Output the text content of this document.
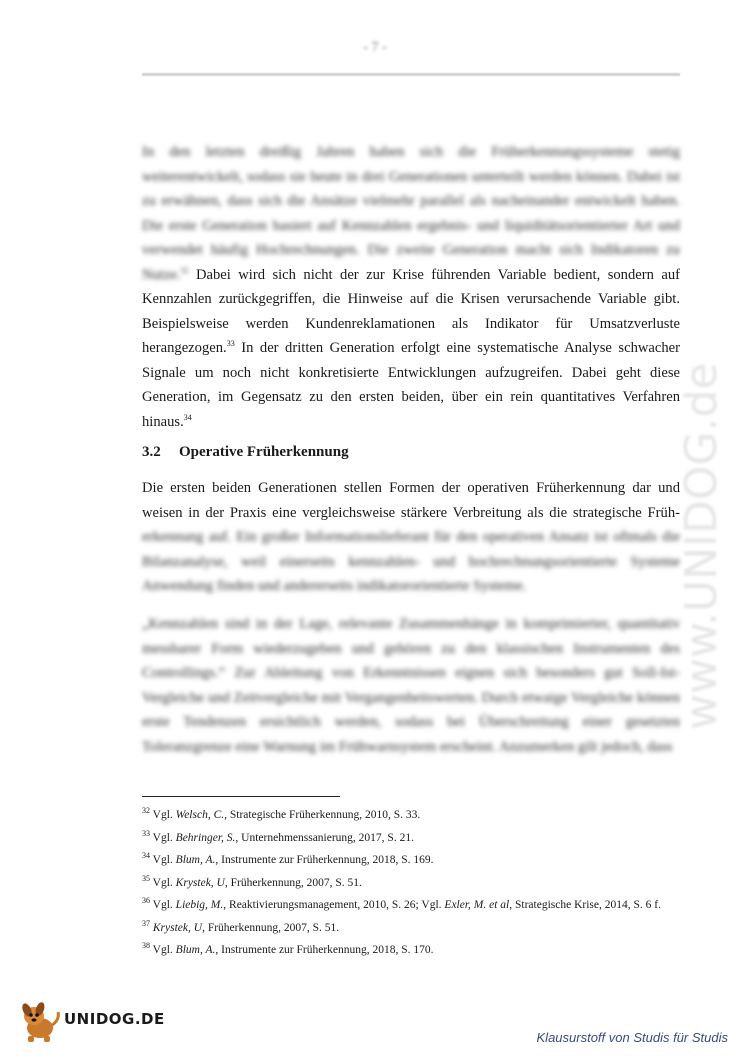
- 7 -

In den letzten dreißig Jahren haben sich die Früherkennungssysteme stetig weiterentwickelt, sodass sie heute in drei Generationen unterteilt werden können. Dabei ist zu erwähnen, dass sich die Ansätze vielmehr parallel als nacheinander entwickelt haben. Die erste Generation basiert auf Kennzahlen ergebnis- und liquiditätsorientierter Art und verwendet häufig Hochrechnungen. Die zweite Generation macht sich Indikatoren zu Nutze.$^{32}$ Dabei wird sich nicht der zur Krise führenden Variable bedient, sondern auf Kennzahlen zurückgegriffen, die Hinweise auf die Krisen verursachende Variable gibt. Beispielsweise werden Kundenreklamationen als Indikator für Umsatzverluste herangezogen.$^{33}$ In der dritten Generation erfolgt eine systematische Analyse schwacher Signale um noch nicht konkretisierte Entwicklungen aufzugreifen. Dabei geht diese Generation, im Gegensatz zu den ersten beiden, über ein rein quantitatives Verfahren hinaus.$^{34}$

3.2 Operative Früherkennung

Die ersten beiden Generationen stellen Formen der operativen Früherkennung dar und weisen in der Praxis eine vergleichsweise stärkere Verbreitung als die strategische Früh- erkennung auf. Ein großer Informationslieferant für den operativen Ansatz ist oftmals die Bilanzanalyse, weil einerseits kennzahlen- und hochrechnungsorientierte Systeme Anwendung finden und andererseits indikatororientierte Systeme.

„Kennzahlen sind in der Lage, relevante Zusammenhänge in komprimierter, quantitativ messbarer Form wiederzugeben und gehören zu den klassischen Instrumenten des Controllings.“ Zur Ableitung von Erkenntnissen eignen sich besonders gut Soll-Ist-Vergleiche und Zeitvergleiche mit Vergangenheitswerten. Durch etwaige Vergleiche können erste Tendenzen ersichtlich werden, sodass bei Überschreitung einer gesetzten Toleranzgrenze eine Warnung im Frühwarnsystem erscheint. Anzumerken gilt jedoch, dass

$^{32}$ Vgl. Welsch, C., Strategische Früherkennung, 2010, S. 33.
$^{33}$ Vgl. Behringer, S., Unternehmenssanierung, 2017, S. 21.
$^{34}$ Vgl. Blum, A., Instrumente zur Früherkennung, 2018, S. 169.
$^{35}$ Vgl. Krystek, U, Früherkennung, 2007, S. 51.
$^{36}$ Vgl. Liebig, M., Reaktivierungsmanagement, 2010, S. 26; Vgl. Exler, M. et al, Strategische Krise, 2014, S. 6 f.
$^{37}$ Krystek, U, Früherkennung, 2007, S. 51.
$^{38}$ Vgl. Blum, A., Instrumente zur Früherkennung, 2018, S. 170.
www.UNIDOG.de
UNIDOG.DE
Klausurstoff von Studis für Studis
